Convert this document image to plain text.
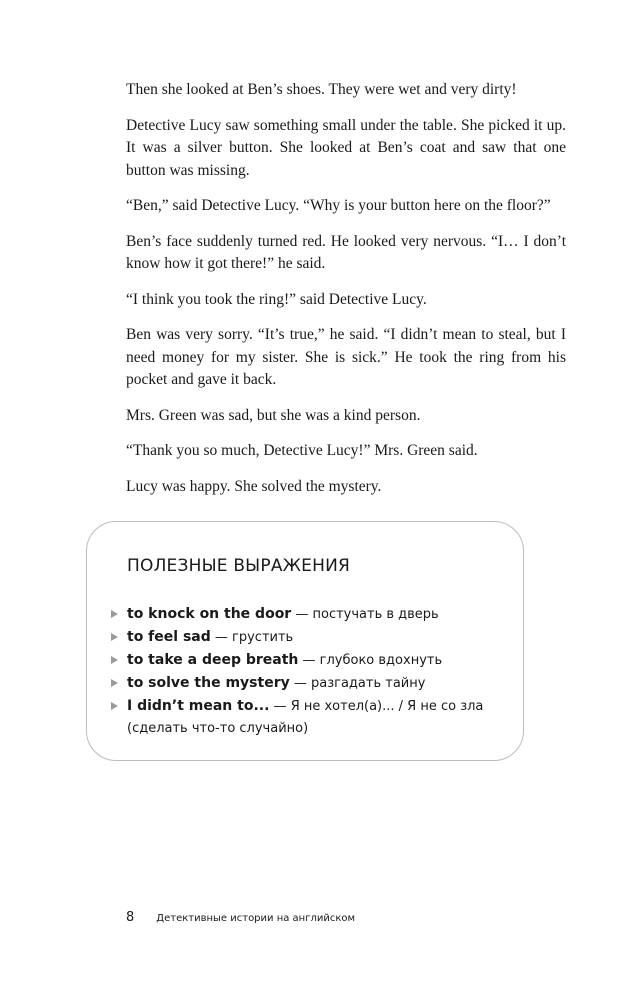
Then she looked at Ben’s shoes. They were wet and very dirty!

Detective Lucy saw something small under the table. She picked it up. It was a silver button. She looked at Ben’s coat and saw that one button was missing.

“Ben,” said Detective Lucy. “Why is your button here on the floor?”

Ben’s face suddenly turned red. He looked very nervous. “I… I don’t know how it got there!” he said.

“I think you took the ring!” said Detective Lucy.

Ben was very sorry. “It’s true,” he said. “I didn’t mean to steal, but I need money for my sister. She is sick.” He took the ring from his pocket and gave it back.

Mrs. Green was sad, but she was a kind person.

“Thank you so much, Detective Lucy!” Mrs. Green said.

Lucy was happy. She solved the mystery.

ПОЛЕЗНЫЕ ВЫРАЖЕНИЯ
to knock on the door — постучать в дверь
to feel sad — грустить
to take a deep breath — глубоко вдохнуть
to solve the mystery — разгадать тайну
I didn’t mean to... — Я не хотел(а)... / Я не со зла (сделать что-то случайно)
8 Детективные истории на английском
